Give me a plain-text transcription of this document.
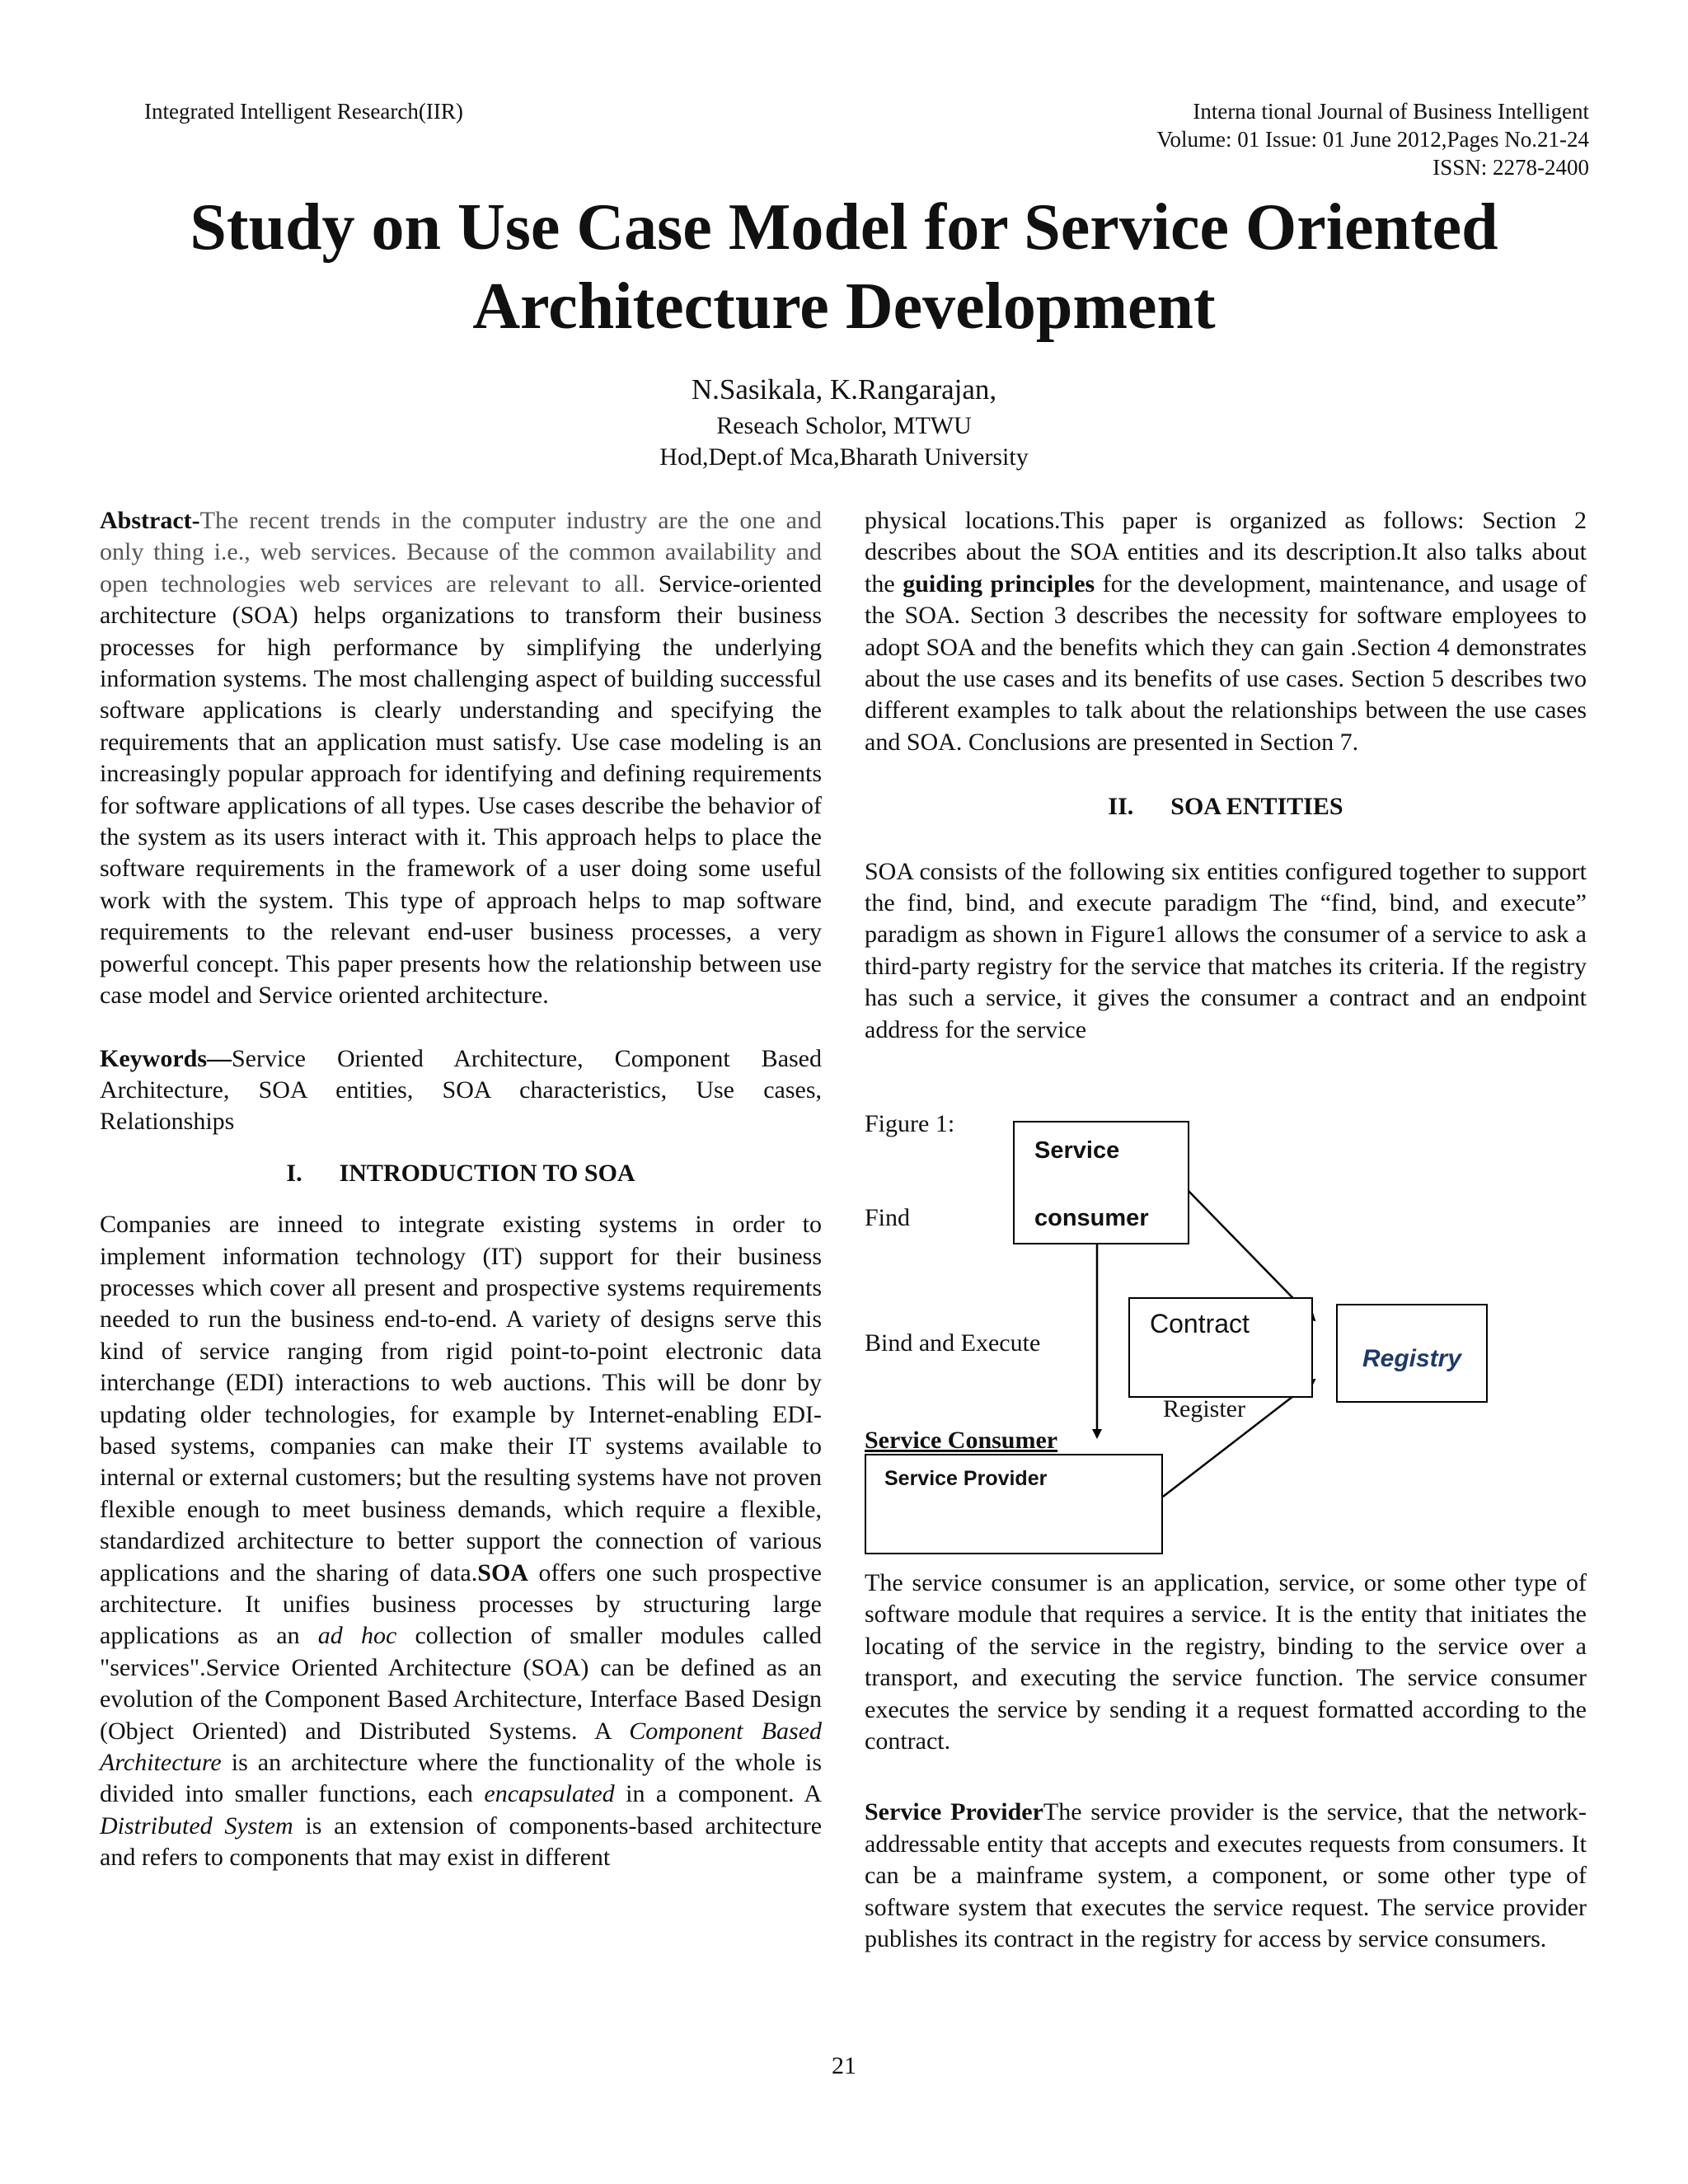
Integrated Intelligent Research(IIR)	Interna tional Journal of Business Intelligent
Volume: 01 Issue: 01 June 2012,Pages No.21-24
ISSN: 2278-2400
Study on Use Case Model for Service Oriented
Architecture Development
N.Sasikala, K.Rangarajan,
Reseach Scholor, MTWU
Hod,Dept.of Mca,Bharath University

Abstract-The recent trends in the computer industry are the one and only thing i.e., web services. Because of the common availability and open technologies web services are relevant to all. Service-oriented architecture (SOA) helps organizations to transform their business processes for high performance by simplifying the underlying information systems. The most challenging aspect of building successful software applications is clearly understanding and specifying the requirements that an application must satisfy. Use case modeling is an increasingly popular approach for identifying and defining requirements for software applications of all types. Use cases describe the behavior of the system as its users interact with it. This approach helps to place the software requirements in the framework of a user doing some useful work with the system. This type of approach helps to map software requirements to the relevant end-user business processes, a very powerful concept. This paper presents how the relationship between use case model and Service oriented architecture.

Keywords—Service Oriented Architecture, Component Based Architecture, SOA entities, SOA characteristics, Use cases, Relationships

I. INTRODUCTION TO SOA

Companies are inneed to integrate existing systems in order to implement information technology (IT) support for their business processes which cover all present and prospective systems requirements needed to run the business end-to-end. A variety of designs serve this kind of service ranging from rigid point-to-point electronic data interchange (EDI) interactions to web auctions. This will be donr by updating older technologies, for example by Internet-enabling EDI-based systems, companies can make their IT systems available to internal or external customers; but the resulting systems have not proven flexible enough to meet business demands, which require a flexible, standardized architecture to better support the connection of various applications and the sharing of data.SOA offers one such prospective architecture. It unifies business processes by structuring large applications as an ad hoc collection of smaller modules called "services".Service Oriented Architecture (SOA) can be defined as an evolution of the Component Based Architecture, Interface Based Design (Object Oriented) and Distributed Systems. A Component Based Architecture is an architecture where the functionality of the whole is divided into smaller functions, each encapsulated in a component. A Distributed System is an extension of components-based architecture and refers to components that may exist in different

physical locations.This paper is organized as follows: Section 2 describes about the SOA entities and its description.It also talks about the guiding principles for the development, maintenance, and usage of the SOA. Section 3 describes the necessity for software employees to adopt SOA and the benefits which they can gain .Section 4 demonstrates about the use cases and its benefits of use cases. Section 5 describes two different examples to talk about the relationships between the use cases and SOA. Conclusions are presented in Section 7.

II. SOA ENTITIES

SOA consists of the following six entities configured together to support the find, bind, and execute paradigm The “find, bind, and execute” paradigm as shown in Figure1 allows the consumer of a service to ask a third-party registry for the service that matches its criteria. If the registry has such a service, it gives the consumer a contract and an endpoint address for the service

Figure 1:
Find
Bind and Execute
Service Consumer
Service
consumer
Contract
Registry
Register
Service Provider

The service consumer is an application, service, or some other type of software module that requires a service. It is the entity that initiates the locating of the service in the registry, binding to the service over a transport, and executing the service function. The service consumer executes the service by sending it a request formatted according to the contract.

Service ProviderThe service provider is the service, that the network-addressable entity that accepts and executes requests from consumers. It can be a mainframe system, a component, or some other type of software system that executes the service request. The service provider publishes its contract in the registry for access by service consumers.

21
